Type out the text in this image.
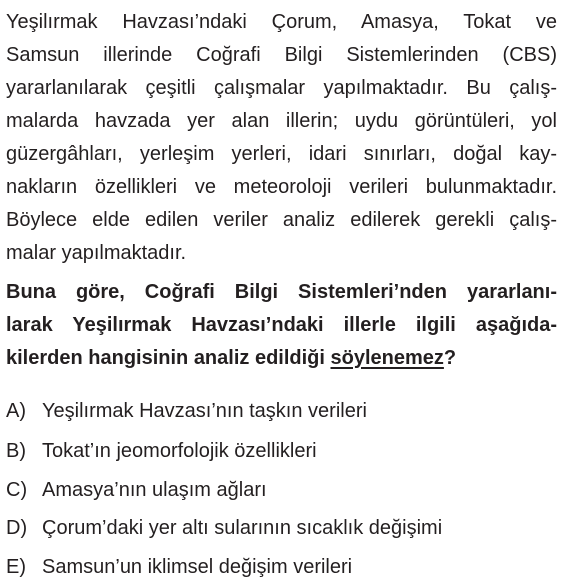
Yeşilırmak Havzası’ndaki Çorum, Amasya, Tokat ve
Samsun illerinde Coğrafi Bilgi Sistemlerinden (CBS)
yararlanılarak çeşitli çalışmalar yapılmaktadır. Bu çalış-
malarda havzada yer alan illerin; uydu görüntüleri, yol
güzergâhları, yerleşim yerleri, idari sınırları, doğal kay-
nakların özellikleri ve meteoroloji verileri bulunmaktadır.
Böylece elde edilen veriler analiz edilerek gerekli çalış-
malar yapılmaktadır.
Buna göre, Coğrafi Bilgi Sistemleri’nden yararlanı-
larak Yeşilırmak Havzası’ndaki illerle ilgili aşağıda-
kilerden hangisinin analiz edildiği söylenemez?
A) Yeşilırmak Havzası’nın taşkın verileri
B) Tokat’ın jeomorfolojik özellikleri
C) Amasya’nın ulaşım ağları
D) Çorum’daki yer altı sularının sıcaklık değişimi
E) Samsun’un iklimsel değişim verileri
